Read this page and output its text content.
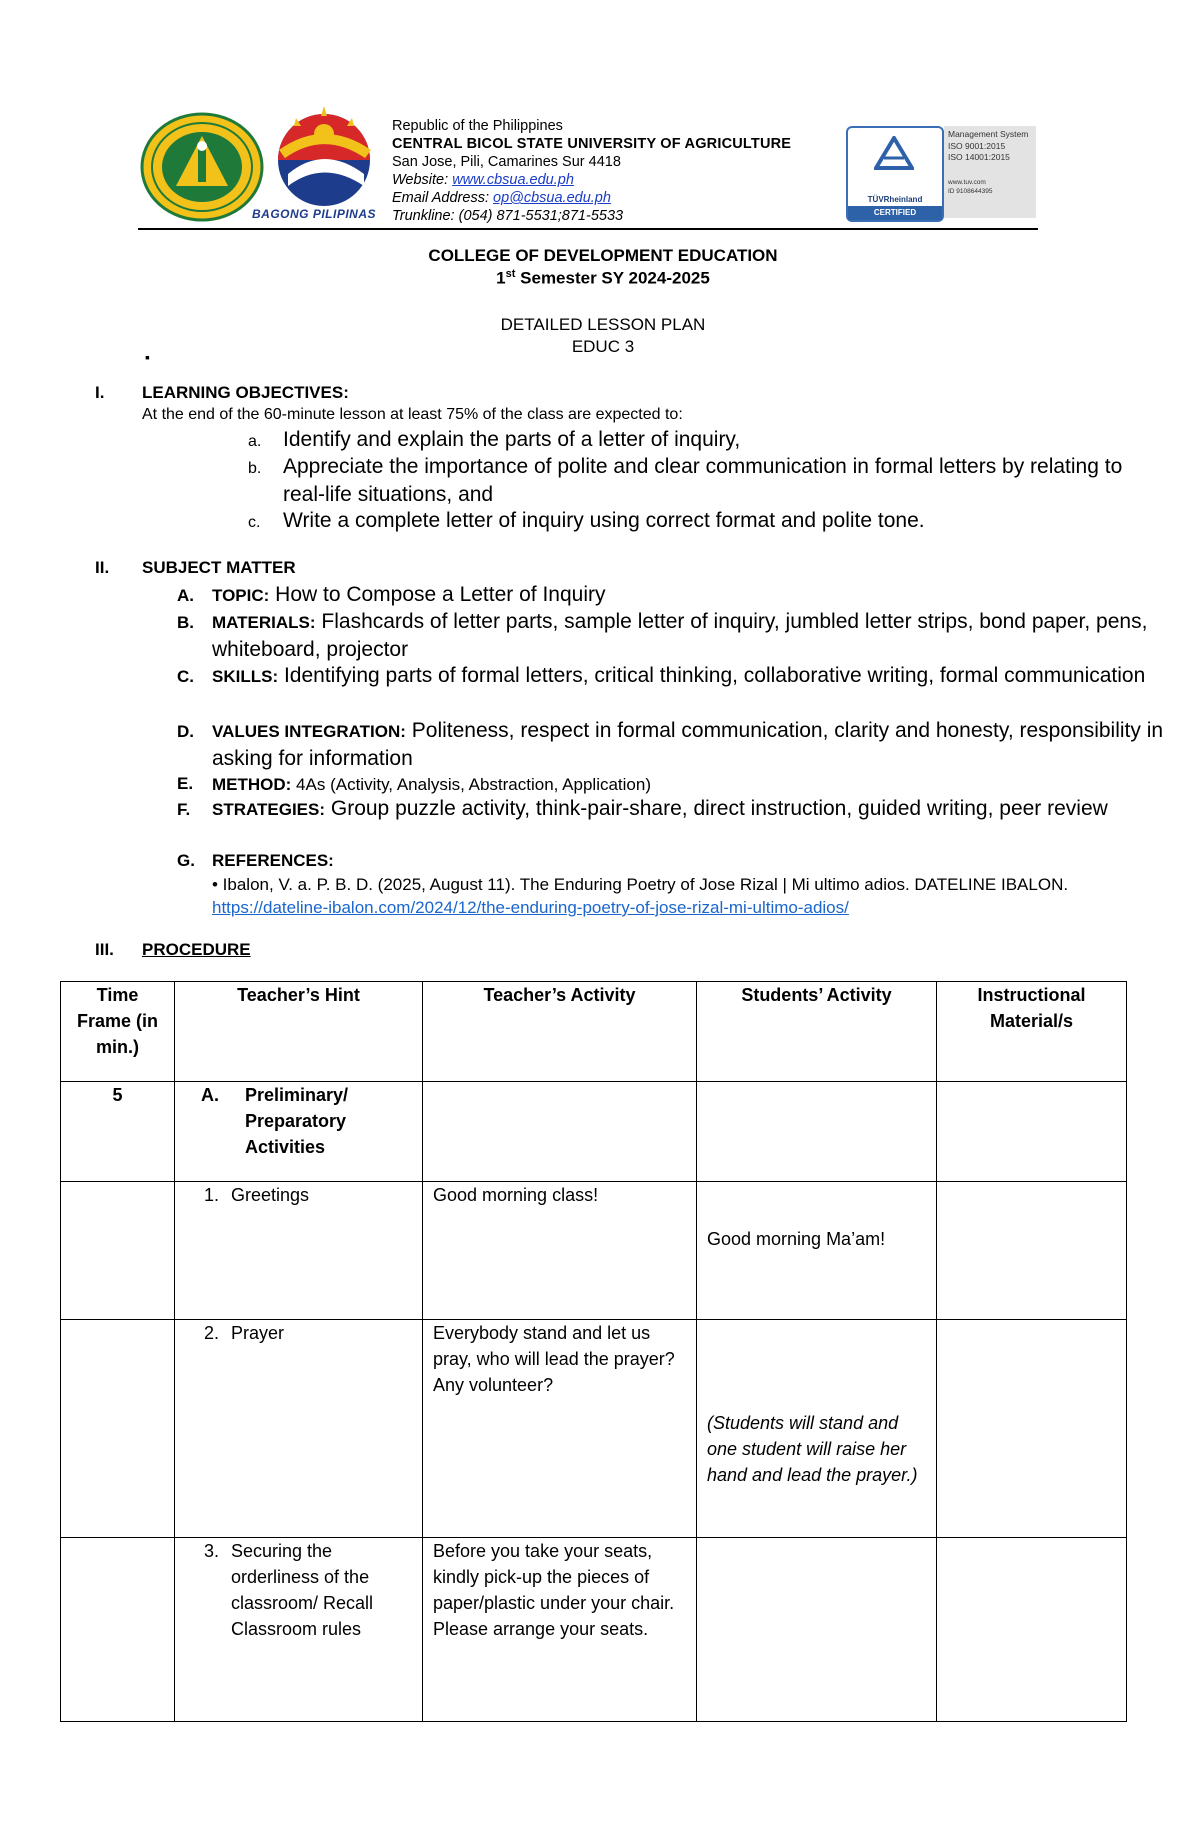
BAGONG PILIPINAS
Republic of the Philippines
CENTRAL BICOL STATE UNIVERSITY OF AGRICULTURE
San Jose, Pili, Camarines Sur 4418
Website: www.cbsua.edu.ph
Email Address: op@cbsua.edu.ph
Trunkline: (054) 871-5531;871-5533
TÜVRheinland
CERTIFIED
Management System
ISO 9001:2015
ISO 14001:2015
www.tuv.com
ID 9108644395
COLLEGE OF DEVELOPMENT EDUCATION
1st Semester SY 2024-2025
DETAILED LESSON PLAN
EDUC 3
▪
I. LEARNING OBJECTIVES:
At the end of the 60-minute lesson at least 75% of the class are expected to:
a. Identify and explain the parts of a letter of inquiry,
b. Appreciate the importance of polite and clear communication in formal letters by relating to real-life situations, and
c. Write a complete letter of inquiry using correct format and polite tone.
II. SUBJECT MATTER
A. TOPIC: How to Compose a Letter of Inquiry
B. MATERIALS: Flashcards of letter parts, sample letter of inquiry, jumbled letter strips, bond paper, pens, whiteboard, projector
C. SKILLS: Identifying parts of formal letters, critical thinking, collaborative writing, formal communication
D. VALUES INTEGRATION: Politeness, respect in formal communication, clarity and honesty, responsibility in asking for information
E. METHOD: 4As (Activity, Analysis, Abstraction, Application)
F. STRATEGIES: Group puzzle activity, think-pair-share, direct instruction, guided writing, peer review
G. REFERENCES:
• Ibalon, V. a. P. B. D. (2025, August 11). The Enduring Poetry of Jose Rizal | Mi ultimo adios. DATELINE IBALON. https://dateline-ibalon.com/2024/12/the-enduring-poetry-of-jose-rizal-mi-ultimo-adios/
III. PROCEDURE
Time Frame (in min.)	Teacher’s Hint	Teacher’s Activity	Students’ Activity	Instructional Material/s
5	A. Preliminary/ Preparatory Activities			

	1. Greetings	Good morning class!	Good morning Ma’am!	

	2. Prayer	Everybody stand and let us pray, who will lead the prayer? Any volunteer?	(Students will stand and one student will raise her hand and lead the prayer.)	

	3. Securing the orderliness of the classroom/ Recall Classroom rules	Before you take your seats, kindly pick-up the pieces of paper/plastic under your chair. Please arrange your seats.		
